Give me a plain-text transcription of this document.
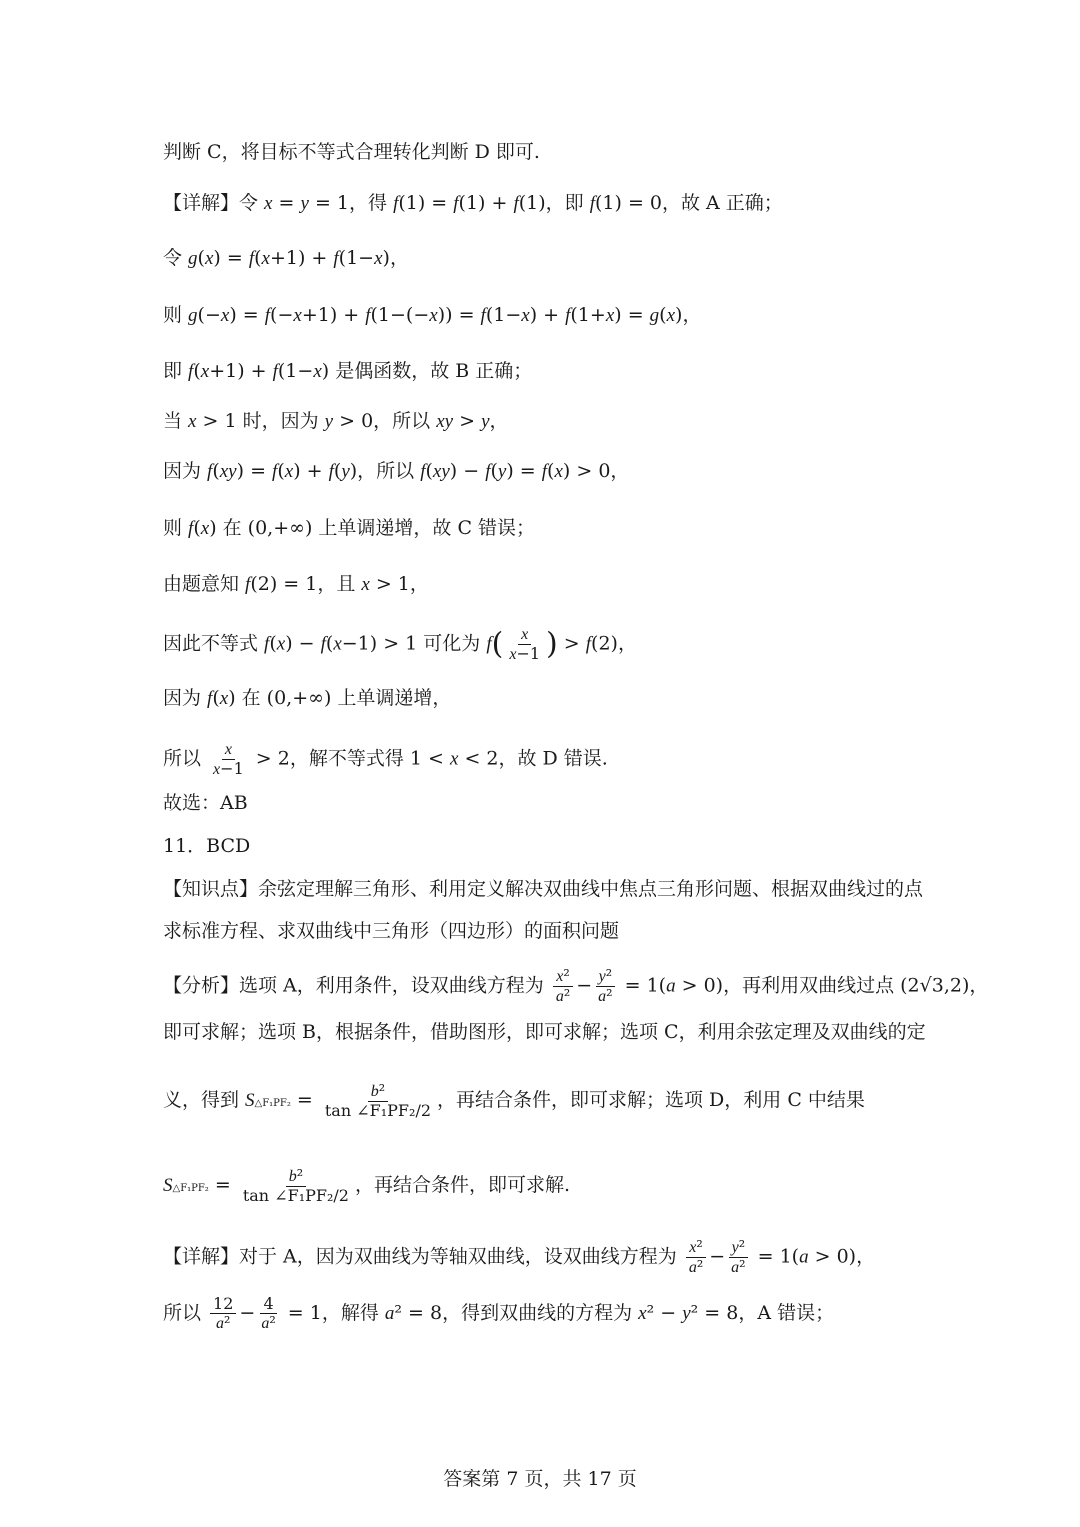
判断 C，将目标不等式合理转化判断 D 即可.
【详解】令 x = y = 1，得 f(1) = f(1) + f(1)，即 f(1) = 0，故 A 正确；
令 g(x) = f(x+1) + f(1−x)，
则 g(−x) = f(−x+1) + f(1−(−x)) = f(1−x) + f(1+x) = g(x)，
即 f(x+1) + f(1−x) 是偶函数，故 B 正确；
当 x > 1 时，因为 y > 0，所以 xy > y，
因为 f(xy) = f(x) + f(y)，所以 f(xy) − f(y) = f(x) > 0，
则 f(x) 在 (0,+∞) 上单调递增，故 C 错误；
由题意知 f(2) = 1，且 x > 1，
因此不等式 f(x) − f(x−1) > 1 可化为 $f( \frac{x}{x-1}$ ) > f(2)，
因为 f(x) 在 (0,+∞) 上单调递增，
所以 $\frac{x}{x-1} > 2$，解不等式得 1 < x < 2，故 D 错误.
故选：AB
11．BCD
【知识点】余弦定理解三角形、利用定义解决双曲线中焦点三角形问题、根据双曲线过的点
求标准方程、求双曲线中三角形（四边形）的面积问题
【分析】选项 A，利用条件，设双曲线方程为 $\frac{\text{x²}}{\text{a²}} - \frac{\text{y²}}{\text{a²}} = 1(a > 0)$，再利用双曲线过点 (2√3,2)，
即可求解；选项 B，根据条件，借助图形，即可求解；选项 C，利用余弦定理及双曲线的定
义，得到 S△F₁PF₂ = $\frac{\text{b²}}{\text{tan ∠F₁PF₂/2}}$ ，再结合条件，即可求解；选项 D，利用 C 中结果
S△F₁PF₂ = $\frac{\text{b²}}{\text{tan ∠F₁PF₂/2}}$ ，再结合条件，即可求解.
【详解】对于 A，因为双曲线为等轴双曲线，设双曲线方程为 $\frac{\text{x²}}{\text{a²}} - \frac{\text{y²}}{\text{a²}} = 1(a > 0)$，
所以 $\frac{12}{\text{a²}} - \frac{4}{\text{a²}} = 1$，解得 a² = 8，得到双曲线的方程为 x² − y² = 8，A 错误；
答案第 7 页，共 17 页
